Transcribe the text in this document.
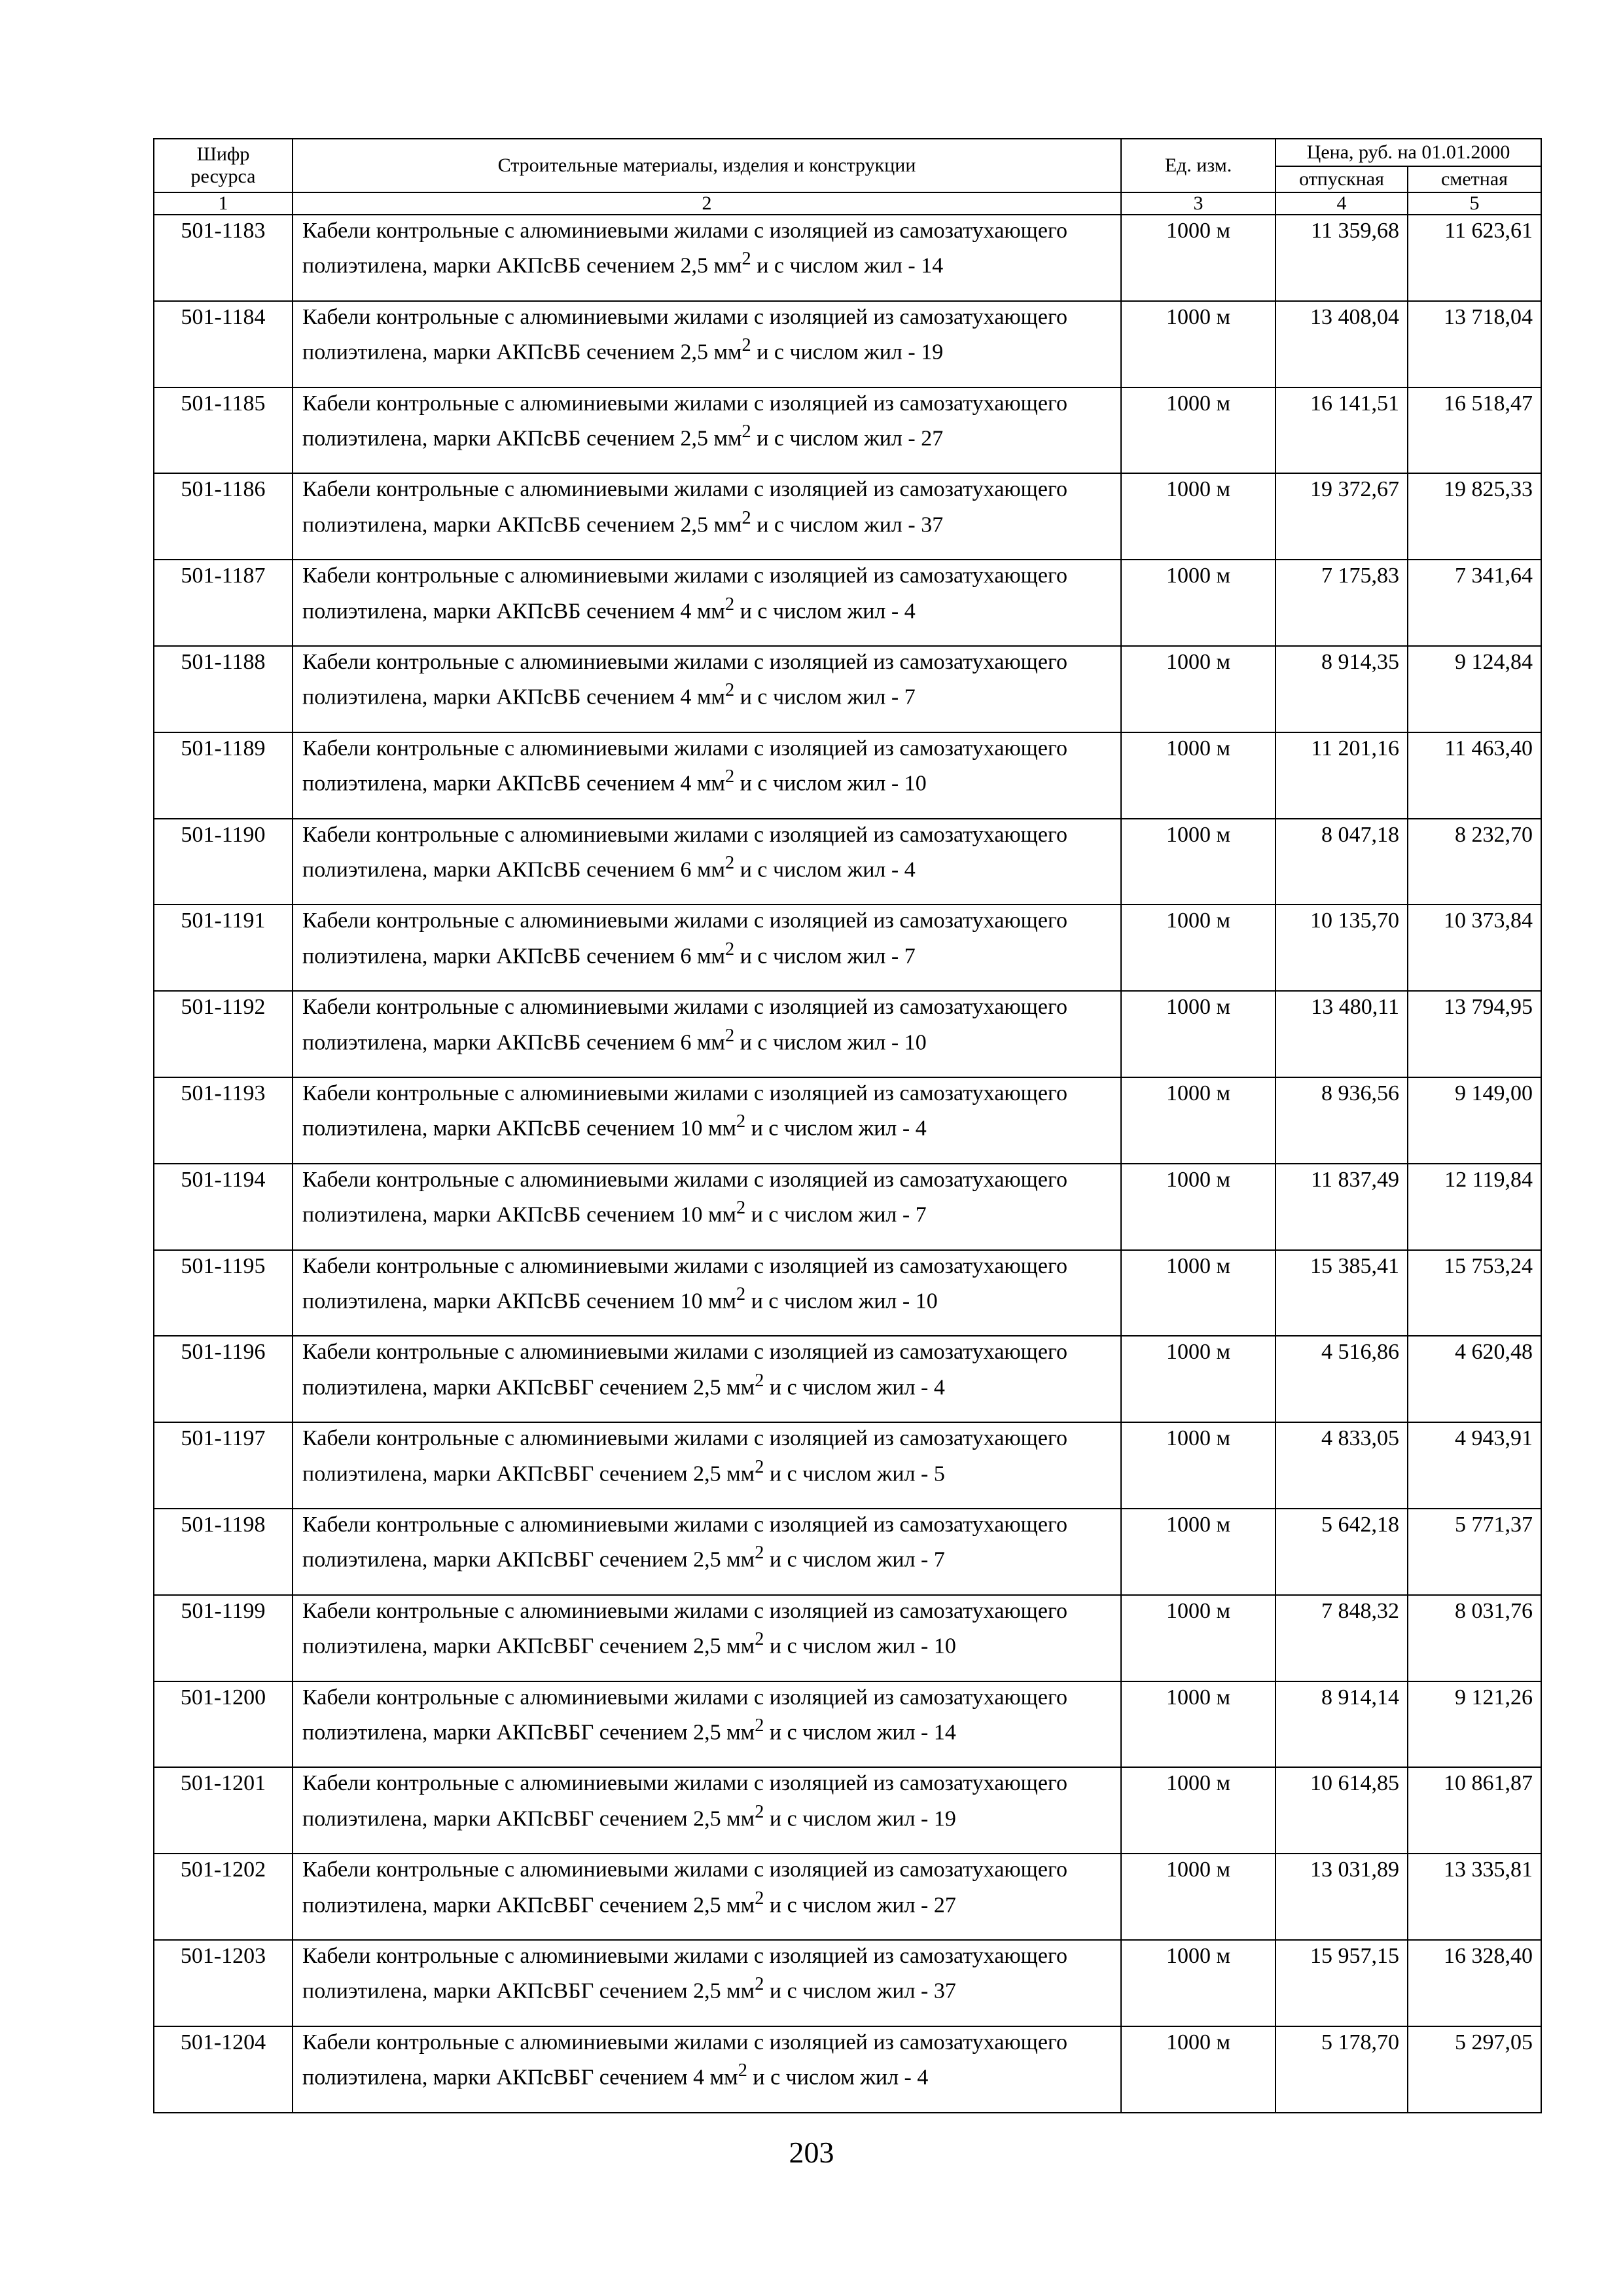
Шифр
ресурса	Строительные материалы, изделия и конструкции	Ед. изм.	Цена, руб. на 01.01.2000	
			отпускная	сметная
1	2	3	4	5
501-1183	Кабели контрольные с алюминиевыми жилами с изоляцией из самозатухающего полиэтилена, марки АКПсВБ сечением 2,5 $мм^2$ и с числом жил - 14	1000 м	11 359,68	11 623,61
501-1184	Кабели контрольные с алюминиевыми жилами с изоляцией из самозатухающего полиэтилена, марки АКПсВБ сечением 2,5 $мм^2$ и с числом жил - 19	1000 м	13 408,04	13 718,04
501-1185	Кабели контрольные с алюминиевыми жилами с изоляцией из самозатухающего полиэтилена, марки АКПсВБ сечением 2,5 $мм^2$ и с числом жил - 27	1000 м	16 141,51	16 518,47
501-1186	Кабели контрольные с алюминиевыми жилами с изоляцией из самозатухающего полиэтилена, марки АКПсВБ сечением 2,5 $мм^2$ и с числом жил - 37	1000 м	19 372,67	19 825,33
501-1187	Кабели контрольные с алюминиевыми жилами с изоляцией из самозатухающего полиэтилена, марки АКПсВБ сечением 4 $мм^2$ и с числом жил - 4	1000 м	7 175,83	7 341,64
501-1188	Кабели контрольные с алюминиевыми жилами с изоляцией из самозатухающего полиэтилена, марки АКПсВБ сечением 4 $мм^2$ и с числом жил - 7	1000 м	8 914,35	9 124,84
501-1189	Кабели контрольные с алюминиевыми жилами с изоляцией из самозатухающего полиэтилена, марки АКПсВБ сечением 4 $мм^2$ и с числом жил - 10	1000 м	11 201,16	11 463,40
501-1190	Кабели контрольные с алюминиевыми жилами с изоляцией из самозатухающего полиэтилена, марки АКПсВБ сечением 6 $мм^2$ и с числом жил - 4	1000 м	8 047,18	8 232,70
501-1191	Кабели контрольные с алюминиевыми жилами с изоляцией из самозатухающего полиэтилена, марки АКПсВБ сечением 6 $мм^2$ и с числом жил - 7	1000 м	10 135,70	10 373,84
501-1192	Кабели контрольные с алюминиевыми жилами с изоляцией из самозатухающего полиэтилена, марки АКПсВБ сечением 6 $мм^2$ и с числом жил - 10	1000 м	13 480,11	13 794,95
501-1193	Кабели контрольные с алюминиевыми жилами с изоляцией из самозатухающего полиэтилена, марки АКПсВБ сечением 10 $мм^2$ и с числом жил - 4	1000 м	8 936,56	9 149,00
501-1194	Кабели контрольные с алюминиевыми жилами с изоляцией из самозатухающего полиэтилена, марки АКПсВБ сечением 10 $мм^2$ и с числом жил - 7	1000 м	11 837,49	12 119,84
501-1195	Кабели контрольные с алюминиевыми жилами с изоляцией из самозатухающего полиэтилена, марки АКПсВБ сечением 10 $мм^2$ и с числом жил - 10	1000 м	15 385,41	15 753,24
501-1196	Кабели контрольные с алюминиевыми жилами с изоляцией из самозатухающего полиэтилена, марки АКПсВБГ сечением 2,5 $мм^2$ и с числом жил - 4	1000 м	4 516,86	4 620,48
501-1197	Кабели контрольные с алюминиевыми жилами с изоляцией из самозатухающего полиэтилена, марки АКПсВБГ сечением 2,5 $мм^2$ и с числом жил - 5	1000 м	4 833,05	4 943,91
501-1198	Кабели контрольные с алюминиевыми жилами с изоляцией из самозатухающего полиэтилена, марки АКПсВБГ сечением 2,5 $мм^2$ и с числом жил - 7	1000 м	5 642,18	5 771,37
501-1199	Кабели контрольные с алюминиевыми жилами с изоляцией из самозатухающего полиэтилена, марки АКПсВБГ сечением 2,5 $мм^2$ и с числом жил - 10	1000 м	7 848,32	8 031,76
501-1200	Кабели контрольные с алюминиевыми жилами с изоляцией из самозатухающего полиэтилена, марки АКПсВБГ сечением 2,5 $мм^2$ и с числом жил - 14	1000 м	8 914,14	9 121,26
501-1201	Кабели контрольные с алюминиевыми жилами с изоляцией из самозатухающего полиэтилена, марки АКПсВБГ сечением 2,5 $мм^2$ и с числом жил - 19	1000 м	10 614,85	10 861,87
501-1202	Кабели контрольные с алюминиевыми жилами с изоляцией из самозатухающего полиэтилена, марки АКПсВБГ сечением 2,5 $мм^2$ и с числом жил - 27	1000 м	13 031,89	13 335,81
501-1203	Кабели контрольные с алюминиевыми жилами с изоляцией из самозатухающего полиэтилена, марки АКПсВБГ сечением 2,5 $мм^2$ и с числом жил - 37	1000 м	15 957,15	16 328,40
501-1204	Кабели контрольные с алюминиевыми жилами с изоляцией из самозатухающего полиэтилена, марки АКПсВБГ сечением 4 $мм^2$ и с числом жил - 4	1000 м	5 178,70	5 297,05
203
